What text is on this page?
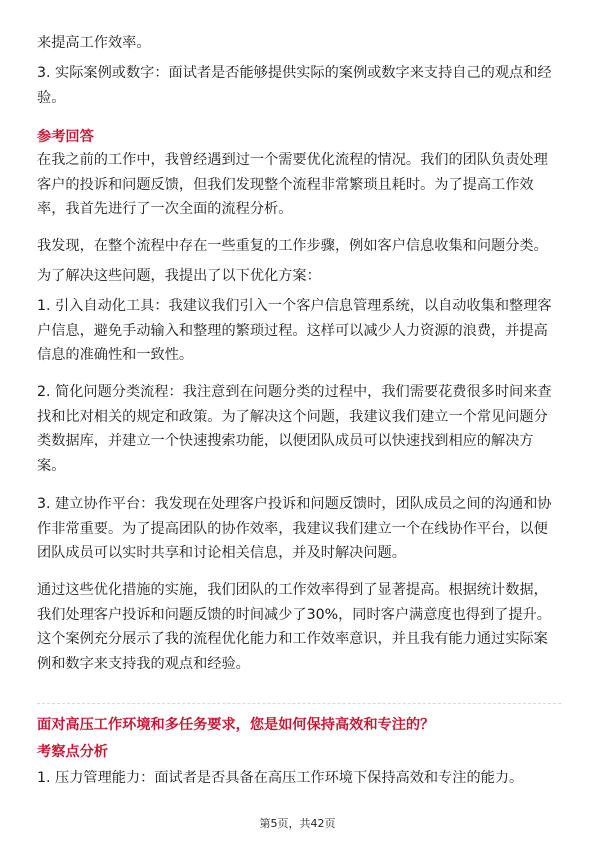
来提高工作效率。

3. 实际案例或数字：面试者是否能够提供实际的案例或数字来支持自己的观点和经
验。

参考回答

在我之前的工作中，我曾经遇到过一个需要优化流程的情况。我们的团队负责处理
客户的投诉和问题反馈，但我们发现整个流程非常繁琐且耗时。为了提高工作效
率，我首先进行了一次全面的流程分析。

我发现，在整个流程中存在一些重复的工作步骤，例如客户信息收集和问题分类。

为了解决这些问题，我提出了以下优化方案：

1. 引入自动化工具：我建议我们引入一个客户信息管理系统，以自动收集和整理客
户信息，避免手动输入和整理的繁琐过程。这样可以减少人力资源的浪费，并提高
信息的准确性和一致性。

2. 简化问题分类流程：我注意到在问题分类的过程中，我们需要花费很多时间来查
找和比对相关的规定和政策。为了解决这个问题，我建议我们建立一个常见问题分
类数据库，并建立一个快速搜索功能，以便团队成员可以快速找到相应的解决方
案。

3. 建立协作平台：我发现在处理客户投诉和问题反馈时，团队成员之间的沟通和协
作非常重要。为了提高团队的协作效率，我建议我们建立一个在线协作平台，以便
团队成员可以实时共享和讨论相关信息，并及时解决问题。

通过这些优化措施的实施，我们团队的工作效率得到了显著提高。根据统计数据，
我们处理客户投诉和问题反馈的时间减少了30%，同时客户满意度也得到了提升。
这个案例充分展示了我的流程优化能力和工作效率意识，并且我有能力通过实际案
例和数字来支持我的观点和经验。

面对高压工作环境和多任务要求，您是如何保持高效和专注的？
考察点分析

1. 压力管理能力：面试者是否具备在高压工作环境下保持高效和专注的能力。

第5页，共42页
